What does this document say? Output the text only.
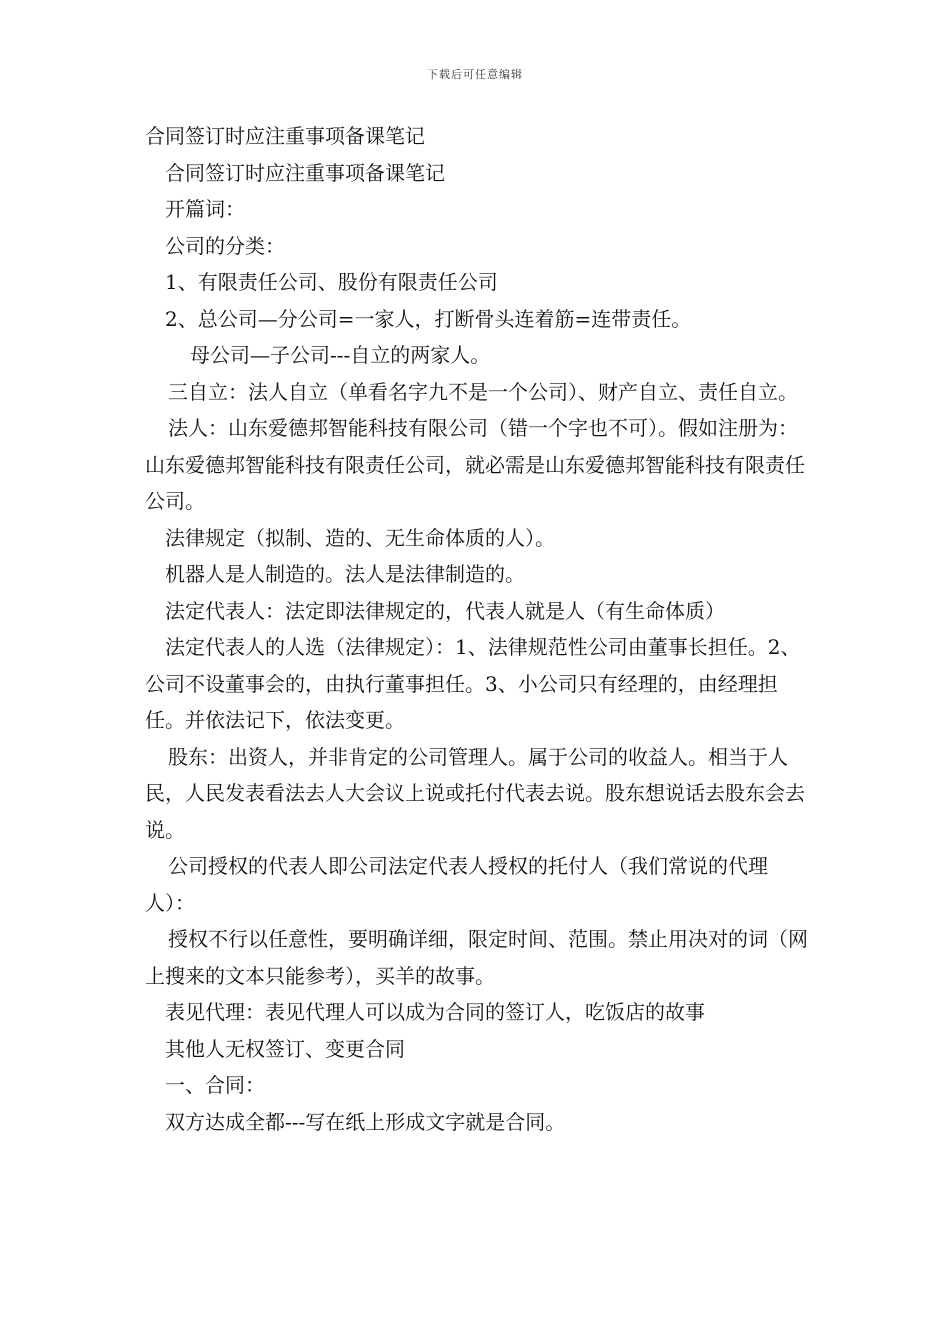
下载后可任意编辑

合同签订时应注重事项备课笔记

合同签订时应注重事项备课笔记

开篇词：

公司的分类：

1、有限责任公司、股份有限责任公司

2、总公司—分公司=一家人，打断骨头连着筋=连带责任。

母公司—子公司---自立的两家人。

三自立：法人自立（单看名字九不是一个公司）、财产自立、责任自立。

法人：山东爱德邦智能科技有限公司（错一个字也不可）。假如注册为：山东爱德邦智能科技有限责任公司，就必需是山东爱德邦智能科技有限责任公司。

法律规定（拟制、造的、无生命体质的人）。

机器人是人制造的。法人是法律制造的。

法定代表人：法定即法律规定的，代表人就是人（有生命体质）

法定代表人的人选（法律规定）：1、法律规范性公司由董事长担任。2、公司不设董事会的，由执行董事担任。3、小公司只有经理的，由经理担任。并依法记下，依法变更。

股东：出资人，并非肯定的公司管理人。属于公司的收益人。相当于人民，人民发表看法去人大会议上说或托付代表去说。股东想说话去股东会去说。

公司授权的代表人即公司法定代表人授权的托付人（我们常说的代理人）：

授权不行以任意性，要明确详细，限定时间、范围。禁止用决对的词（网上搜来的文本只能参考），买羊的故事。

表见代理：表见代理人可以成为合同的签订人，吃饭店的故事

其他人无权签订、变更合同

一、合同：

双方达成全都---写在纸上形成文字就是合同。
